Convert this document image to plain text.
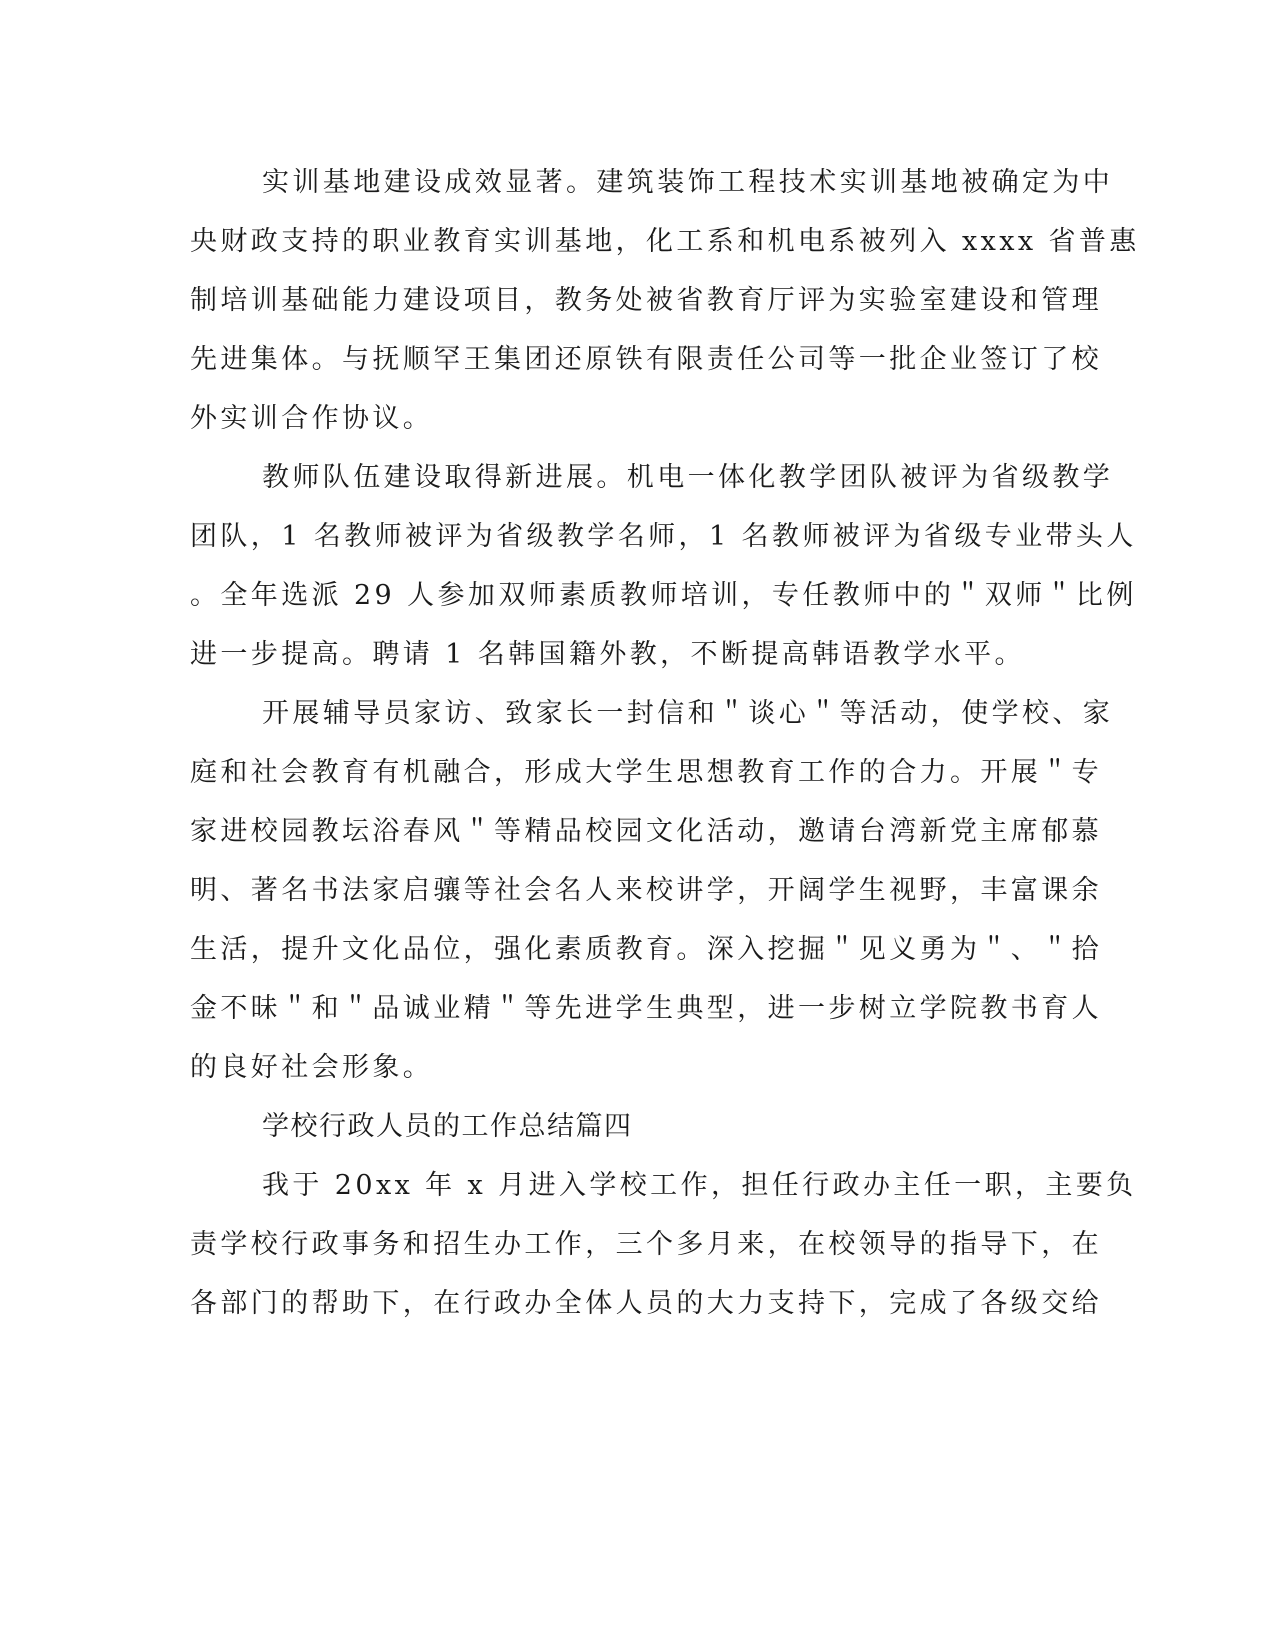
实训基地建设成效显著。建筑装饰工程技术实训基地被确定为中
央财政支持的职业教育实训基地，化工系和机电系被列入 xxxx 省普惠
制培训基础能力建设项目，教务处被省教育厅评为实验室建设和管理
先进集体。与抚顺罕王集团还原铁有限责任公司等一批企业签订了校
外实训合作协议。
教师队伍建设取得新进展。机电一体化教学团队被评为省级教学
团队，1 名教师被评为省级教学名师，1 名教师被评为省级专业带头人
。全年选派 29 人参加双师素质教师培训，专任教师中的＂双师＂比例
进一步提高。聘请 1 名韩国籍外教，不断提高韩语教学水平。
开展辅导员家访、致家长一封信和＂谈心＂等活动，使学校、家
庭和社会教育有机融合，形成大学生思想教育工作的合力。开展＂专
家进校园教坛浴春风＂等精品校园文化活动，邀请台湾新党主席郁慕
明、著名书法家启骧等社会名人来校讲学，开阔学生视野，丰富课余
生活，提升文化品位，强化素质教育。深入挖掘＂见义勇为＂、＂拾
金不昧＂和＂品诚业精＂等先进学生典型，进一步树立学院教书育人
的良好社会形象。
学校行政人员的工作总结篇四
我于 20xx 年 x 月进入学校工作，担任行政办主任一职，主要负
责学校行政事务和招生办工作，三个多月来，在校领导的指导下，在
各部门的帮助下，在行政办全体人员的大力支持下，完成了各级交给
